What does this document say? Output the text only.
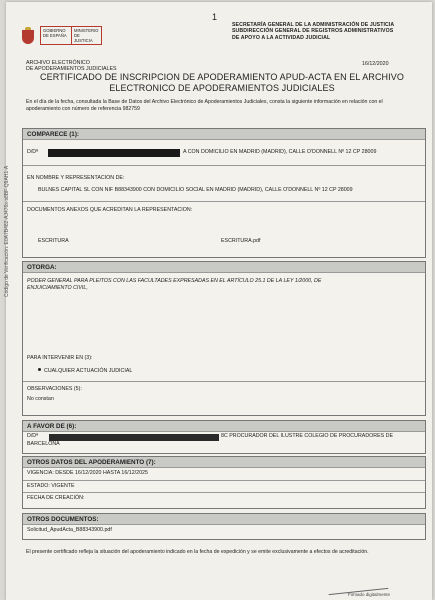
Código de Verificación: E0A7B482-AJ476s-s8BF-Q9AH1-A
1
GOBIERNO DE ESPAÑA
MINISTERIO DE JUSTICIA
SECRETARÍA GENERAL DE LA ADMINISTRACIÓN DE JUSTICIA
SUBDIRECCIÓN GENERAL DE REGISTROS ADMINISTRATIVOS
DE APOYO A LA ACTIVIDAD JUDICIAL
ARCHIVO ELECTRÓNICO
DE APODERAMIENTOS JUDICIALES
16/12/2020
CERTIFICADO DE INSCRIPCION DE APODERAMIENTO APUD-ACTA EN EL ARCHIVO
ELECTRONICO DE APODERAMIENTOS JUDICIALES
En el día de la fecha, consultada la Base de Datos del Archivo Electrónico de Apoderamientos Judiciales, consta la siguiente información en relación con el apoderamiento con número de referencia 982759
COMPARECE (1):
D/Dª	A CON DOMICILIO EN MADRID (MADRID), CALLE O'DONNELL Nº 12 CP 28009
EN NOMBRE Y REPRESENTACION DE:
BULNES CAPITAL SL CON NIF B88343900 CON DOMICILIO SOCIAL EN MADRID (MADRID), CALLE O'DONNELL Nº 12 CP 28009
DOCUMENTOS ANEXOS QUE ACREDITAN LA REPRESENTACION:
ESCRITURA	ESCRITURA.pdf
OTORGA:
PODER GENERAL PARA PLEITOS CON LAS FACULTADES EXPRESADAS EN EL ARTÍCULO 25.1 DE LA LEY 1/2000, DE
ENJUICIAMIENTO CIVIL,
PARA INTERVENIR EN (3):
CUALQUIER ACTUACIÓN JUDICIAL
OBSERVACIONES (5):
No constan
A FAVOR DE (6):
D/Dª	8C PROCURADOR DEL ILUSTRE COLEGIO DE PROCURADORES DE
BARCELONA
OTROS DATOS DEL APODERAMIENTO (7):
VIGENCIA: DESDE 16/12/2020 HASTA 16/12/2025
ESTADO: VIGENTE
FECHA DE CREACIÓN:
OTROS DOCUMENTOS:
Solicitud_ApudActa_B88343900.pdf
El presente certificado refleja la situación del apoderamiento indicado en la fecha de expedición y se emite exclusivamente a efectos de acreditación.
Firmado digitalmente
